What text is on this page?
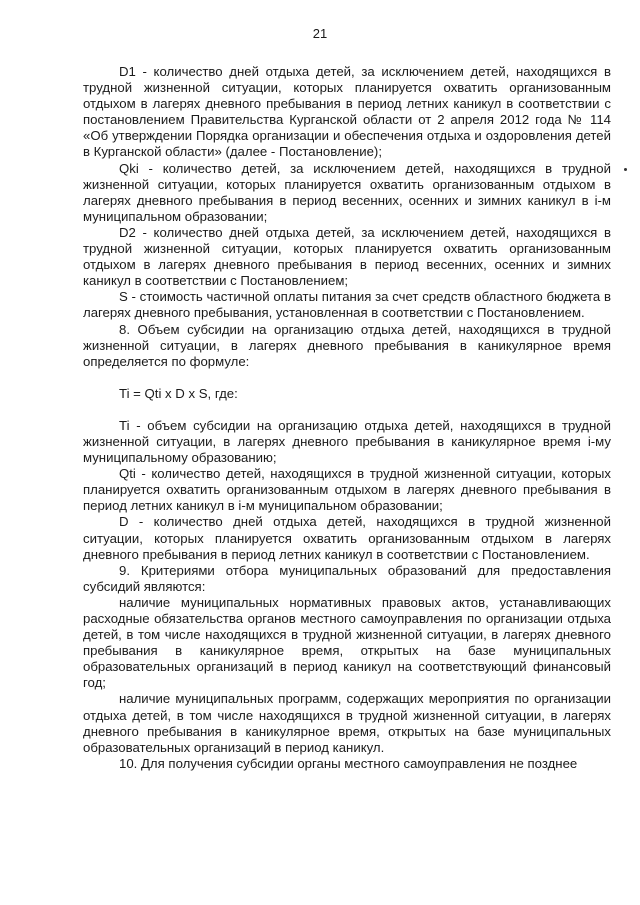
21

D1 - количество дней отдыха детей, за исключением детей, находящихся в трудной жизненной ситуации, которых планируется охватить организованным отдыхом в лагерях дневного пребывания в период летних каникул в соответствии с постановлением Правительства Курганской области от 2 апреля 2012 года № 114 «Об утверждении Порядка организации и обеспечения отдыха и оздоровления детей в Курганской области» (далее - Постановление);

Qki - количество детей, за исключением детей, находящихся в трудной жизненной ситуации, которых планируется охватить организованным отдыхом в лагерях дневного пребывания в период весенних, осенних и зимних каникул в i-м муниципальном образовании;

D2 - количество дней отдыха детей, за исключением детей, находящихся в трудной жизненной ситуации, которых планируется охватить организованным отдыхом в лагерях дневного пребывания в период весенних, осенних и зимних каникул в соответствии с Постановлением;

S - стоимость частичной оплаты питания за счет средств областного бюджета в лагерях дневного пребывания, установленная в соответствии с Постановлением.

8. Объем субсидии на организацию отдыха детей, находящихся в трудной жизненной ситуации, в лагерях дневного пребывания в каникулярное время определяется по формуле:

Ti = Qti x D x S, где:

Ti - объем субсидии на организацию отдыха детей, находящихся в трудной жизненной ситуации, в лагерях дневного пребывания в каникулярное время i-му муниципальному образованию;

Qti - количество детей, находящихся в трудной жизненной ситуации, которых планируется охватить организованным отдыхом в лагерях дневного пребывания в период летних каникул в i-м муниципальном образовании;

D - количество дней отдыха детей, находящихся в трудной жизненной ситуации, которых планируется охватить организованным отдыхом в лагерях дневного пребывания в период летних каникул в соответствии с Постановлением.

9. Критериями отбора муниципальных образований для предоставления субсидий являются:

наличие муниципальных нормативных правовых актов, устанавливающих расходные обязательства органов местного самоуправления по организации отдыха детей, в том числе находящихся в трудной жизненной ситуации, в лагерях дневного пребывания в каникулярное время, открытых на базе муниципальных образовательных организаций в период каникул на соответствующий финансовый год;

наличие муниципальных программ, содержащих мероприятия по организации отдыха детей, в том числе находящихся в трудной жизненной ситуации, в лагерях дневного пребывания в каникулярное время, открытых на базе муниципальных образовательных организаций в период каникул.

10. Для получения субсидии органы местного самоуправления не позднее
